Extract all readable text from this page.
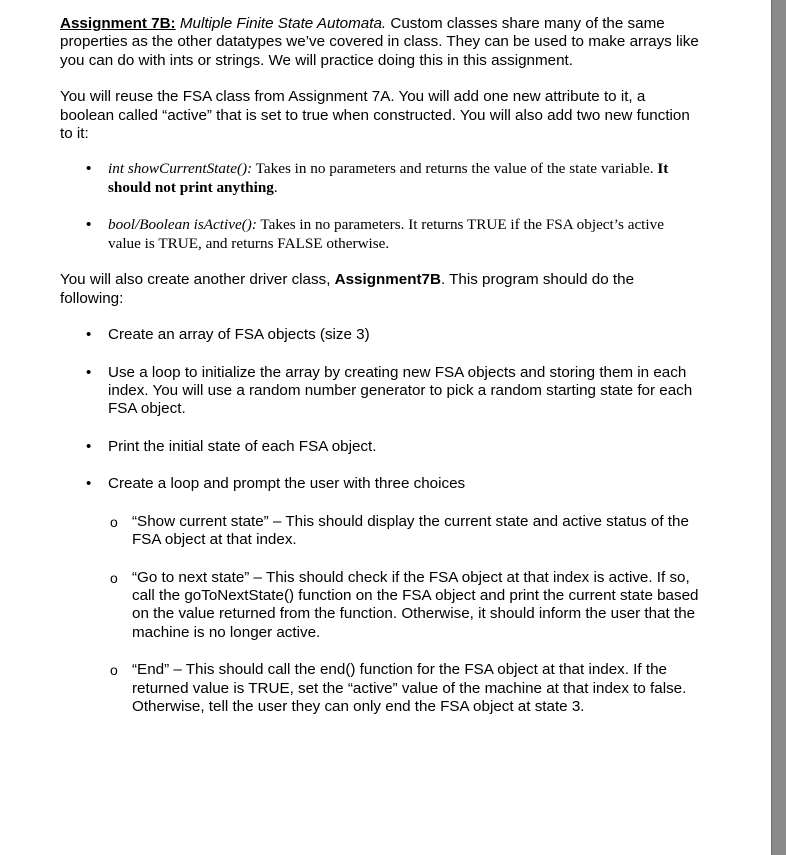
Assignment 7B: Multiple Finite State Automata. Custom classes share many of the same properties as the other datatypes we’ve covered in class. They can be used to make arrays like you can do with ints or strings. We will practice doing this in this assignment.

You will reuse the FSA class from Assignment 7A. You will add one new attribute to it, a boolean called “active” that is set to true when constructed. You will also add two new function to it:

• int showCurrentState(): Takes in no parameters and returns the value of the state variable. It should not print anything.
• bool/Boolean isActive(): Takes in no parameters. It returns TRUE if the FSA object’s active value is TRUE, and returns FALSE otherwise.

You will also create another driver class, Assignment7B. This program should do the following:

• Create an array of FSA objects (size 3)
• Use a loop to initialize the array by creating new FSA objects and storing them in each index. You will use a random number generator to pick a random starting state for each FSA object.
• Print the initial state of each FSA object.
• Create a loop and prompt the user with three choices
o “Show current state” – This should display the current state and active status of the FSA object at that index.
o “Go to next state” – This should check if the FSA object at that index is active. If so, call the goToNextState() function on the FSA object and print the current state based on the value returned from the function. Otherwise, it should inform the user that the machine is no longer active.
o “End” – This should call the end() function for the FSA object at that index. If the returned value is TRUE, set the “active” value of the machine at that index to false. Otherwise, tell the user they can only end the FSA object at state 3.
